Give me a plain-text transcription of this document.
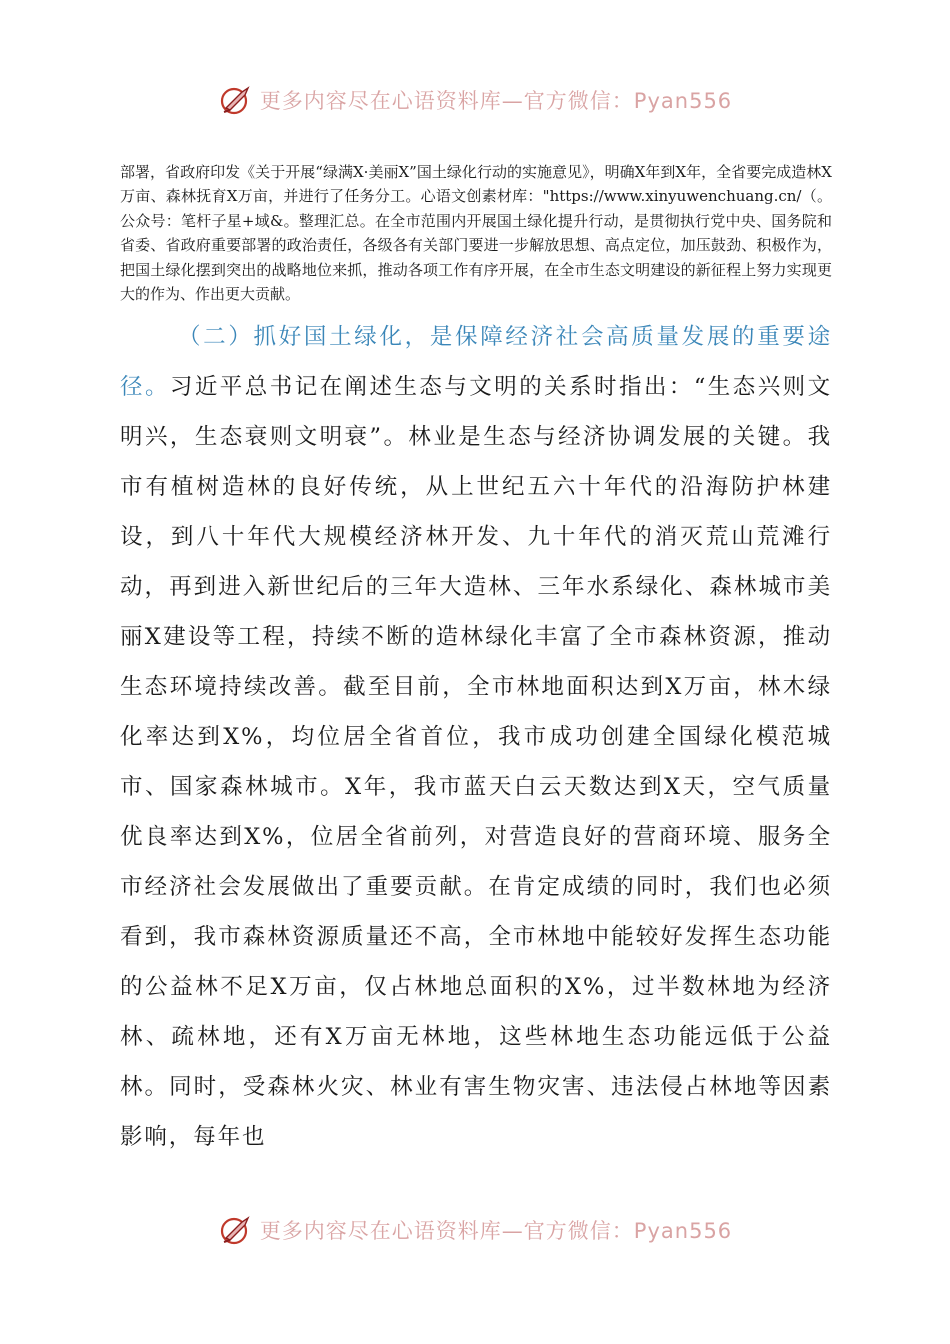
更多内容尽在心语资料库—官方微信：Pyan556

部署，省政府印发《关于开展“绿满X·美丽X”国土绿化行动的实施意见》，明确X年到X年，全省要完成造林X万亩、森林抚育X万亩，并进行了任务分工。心语文创素材库："https://www.xinyuwenchuang.cn/（。公众号：笔杆子星+域&。整理汇总。在全市范围内开展国土绿化提升行动，是贯彻执行党中央、国务院和省委、省政府重要部署的政治责任，各级各有关部门要进一步解放思想、高点定位，加压鼓劲、积极作为，把国土绿化摆到突出的战略地位来抓，推动各项工作有序开展，在全市生态文明建设的新征程上努力实现更大的作为、作出更大贡献。

（二）抓好国土绿化，是保障经济社会高质量发展的重要途径。习近平总书记在阐述生态与文明的关系时指出：“生态兴则文明兴，生态衰则文明衰”。林业是生态与经济协调发展的关键。我市有植树造林的良好传统，从上世纪五六十年代的沿海防护林建设，到八十年代大规模经济林开发、九十年代的消灭荒山荒滩行动，再到进入新世纪后的三年大造林、三年水系绿化、森林城市美丽X建设等工程，持续不断的造林绿化丰富了全市森林资源，推动生态环境持续改善。截至目前，全市林地面积达到X万亩，林木绿化率达到X%，均位居全省首位，我市成功创建全国绿化模范城市、国家森林城市。X年，我市蓝天白云天数达到X天，空气质量优良率达到X%，位居全省前列，对营造良好的营商环境、服务全市经济社会发展做出了重要贡献。在肯定成绩的同时，我们也必须看到，我市森林资源质量还不高，全市林地中能较好发挥生态功能的公益林不足X万亩，仅占林地总面积的X%，过半数林地为经济林、疏林地，还有X万亩无林地，这些林地生态功能远低于公益林。同时，受森林火灾、林业有害生物灾害、违法侵占林地等因素影响，每年也

更多内容尽在心语资料库—官方微信：Pyan556
